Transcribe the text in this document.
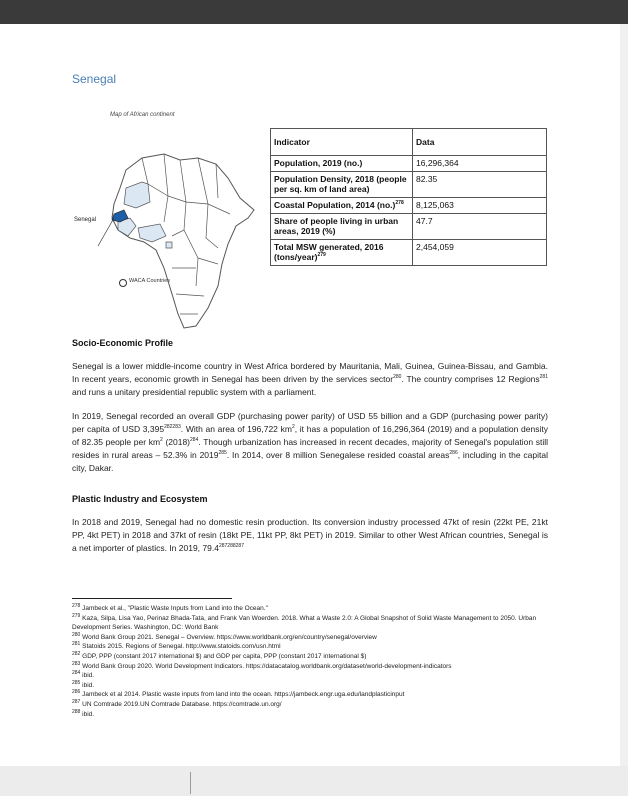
Senegal
Map of African continent
Senegal
WACA Countries
Indicator	Data
Population, 2019 (no.)	16,296,364
Population Density, 2018 (people per sq. km of land area)	82.35
Coastal Population, 2014 $(no.)^{278}$	8,125,063
Share of people living in urban areas, 2019 (%)	47.7
Total MSW generated, 2016 (tons/year)$^{279}$	2,454,059
Socio-Economic Profile
Senegal is a lower middle-income country in West Africa bordered by Mauritania, Mali, Guinea, Guinea-Bissau, and Gambia. In recent years, economic growth in Senegal has been driven by the services sector$^{280}$. The country comprises 12 Regions$^{281}$ and runs a unitary presidential republic system with a parliament.
In 2019, Senegal recorded an overall GDP (purchasing power parity) of USD 55 billion and a GDP (purchasing power parity) per capita of USD $3,395^{282283}$. With an area of 196,722 $km^2$, it has a population of 16,296,364 (2019) and a population density of 82.35 people per $km^2$ $(2018)^{284}$. Though urbanization has increased in recent decades, majority of Senegal's population still resides in rural areas – 52.3% in 2019$^{285}$. In 2014, over 8 million Senegalese resided coastal areas$^{286}$, including in the capital city, Dakar.
Plastic Industry and Ecosystem
In 2018 and 2019, Senegal had no domestic resin production. Its conversion industry processed 47kt of resin (22kt PE, 21kt PP, 4kt PET) in 2018 and 37kt of resin (18kt PE, 11kt PP, 8kt PET) in 2019. Similar to other West African countries, Senegal is a net importer of plastics. In 2019, $79.4^{287288287}$

$^{278}$ Jambeck et al., "Plastic Waste Inputs from Land into the Ocean."

$^{279}$ Kaza, Silpa, Lisa Yao, Perinaz Bhada-Tata, and Frank Van Woerden. 2018. What a Waste 2.0: A Global Snapshot of Solid Waste Management to 2050. Urban Development Series. Washington, DC: World Bank

$^{280}$ World Bank Group 2021. Senegal – Overview. https://www.worldbank.org/en/country/senegal/overview

$^{281}$ Statoids 2015. Regions of Senegal. http://www.statoids.com/usn.html

$^{282}$ GDP, PPP (constant 2017 international $) and GDP per capita, PPP (constant 2017 international $)

$^{283}$ World Bank Group 2020. World Development Indicators. https://datacatalog.worldbank.org/dataset/world-development-indicators

$^{284}$ ibid.

$^{285}$ ibid.

$^{286}$ Jambeck et al 2014. Plastic waste inputs from land into the ocean. https://jambeck.engr.uga.edu/landplasticinput

$^{287}$ UN Comtrade 2019.UN Comtrade Database. https://comtrade.un.org/

$^{288}$ ibid.
